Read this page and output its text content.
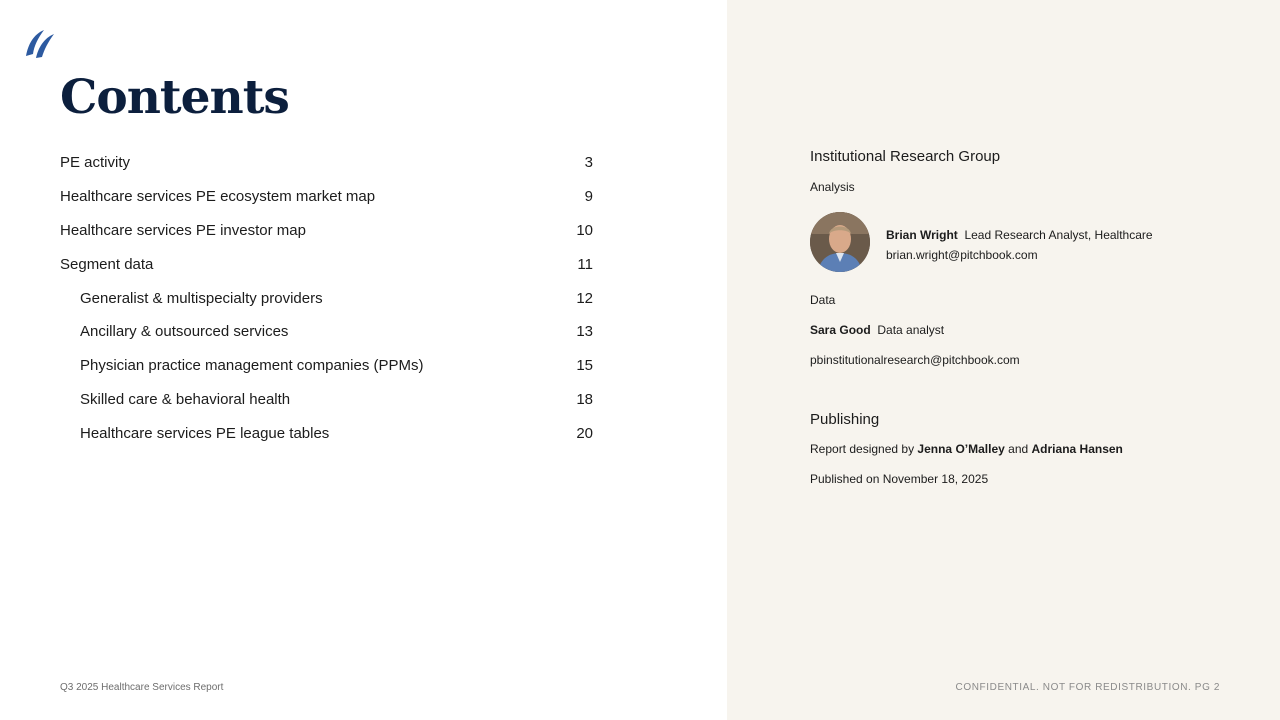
Contents
PE activity	3
Healthcare services PE ecosystem market map	9
Healthcare services PE investor map	10
Segment data	11
Generalist & multispecialty providers	12
Ancillary & outsourced services	13
Physician practice management companies (PPMs)	15
Skilled care & behavioral health	18
Healthcare services PE league tables	20
Q3 2025 Healthcare Services Report
Institutional Research Group
Analysis
Brian Wright Lead Research Analyst, Healthcare
brian.wright@pitchbook.com
Data
Sara Good Data analyst
pbinstitutionalresearch@pitchbook.com
Publishing
Report designed by Jenna O’Malley and Adriana Hansen
Published on November 18, 2025
CONFIDENTIAL. NOT FOR REDISTRIBUTION. PG 2
